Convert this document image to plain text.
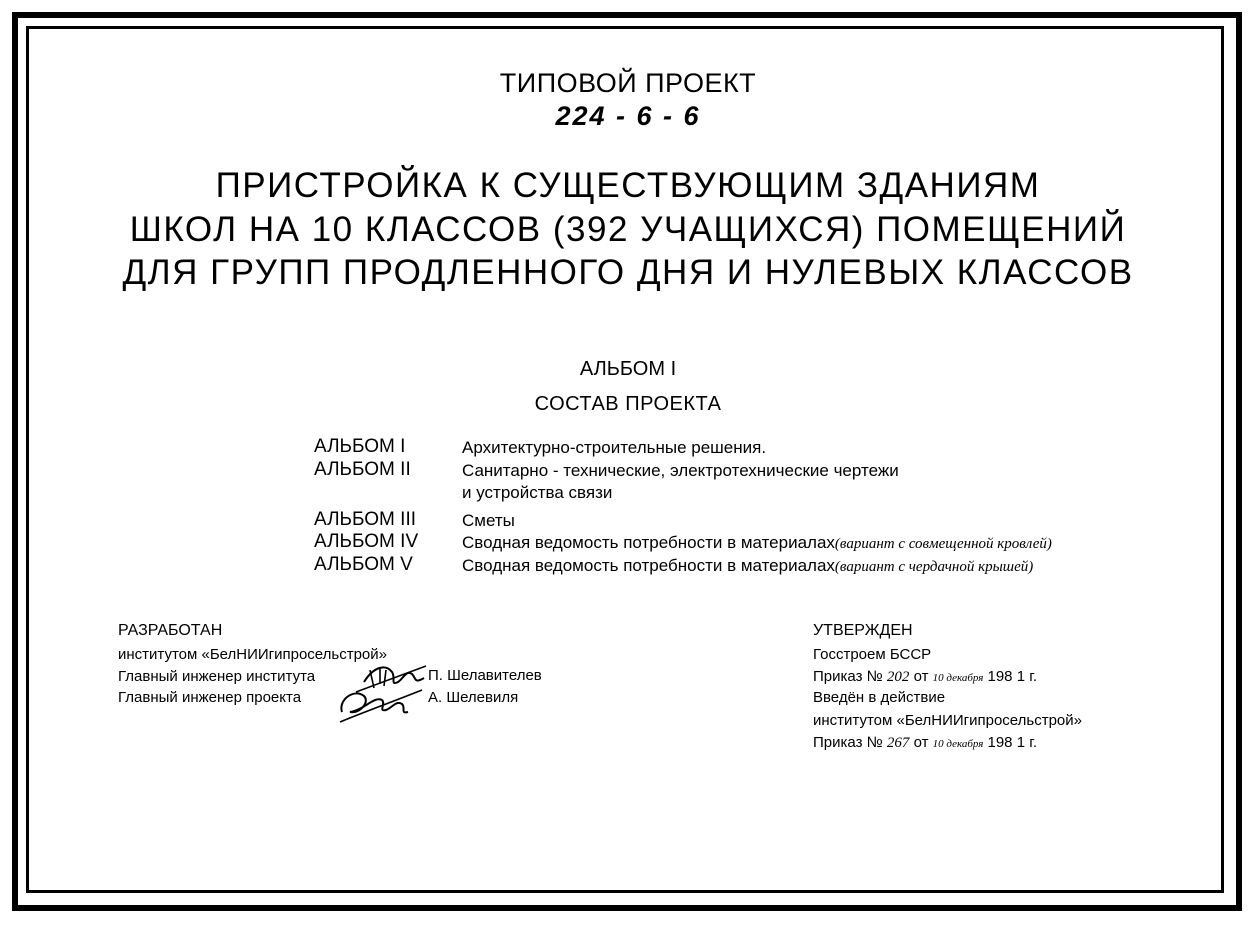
ТИПОВОЙ ПРОЕКТ
224 - 6 - 6
ПРИСТРОЙКА К СУЩЕСТВУЮЩИМ ЗДАНИЯМ
ШКОЛ НА 10 КЛАССОВ (392 УЧАЩИХСЯ) ПОМЕЩЕНИЙ
ДЛЯ ГРУПП ПРОДЛЕННОГО ДНЯ И НУЛЕВЫХ КЛАССОВ
АЛЬБОМ I
СОСТАВ ПРОЕКТА
АЛЬБОМ I	Архитектурно-строительные решения.
АЛЬБОМ II	Санитарно - технические, электротехнические чертежи
и устройства связи
АЛЬБОМ III	Сметы
АЛЬБОМ IV	Сводная ведомость потребности в материалах(вариант с совмещенной кровлей)
АЛЬБОМ V	Сводная ведомость потребности в материалах(вариант с чердачной крышей)
РАЗРАБОТАН
институтом «БелНИИгипросельстрой»
Главный инженер института
Главный инженер проекта
П. Шелавителев
А. Шелевиля
УТВЕРЖДЕН
Госстроем БССР
Приказ № 202 от 10 декабря 198 1 г.
Введён в действие
институтом «БелНИИгипросельстрой»
Приказ № 267 от 10 декабря 198 1 г.
